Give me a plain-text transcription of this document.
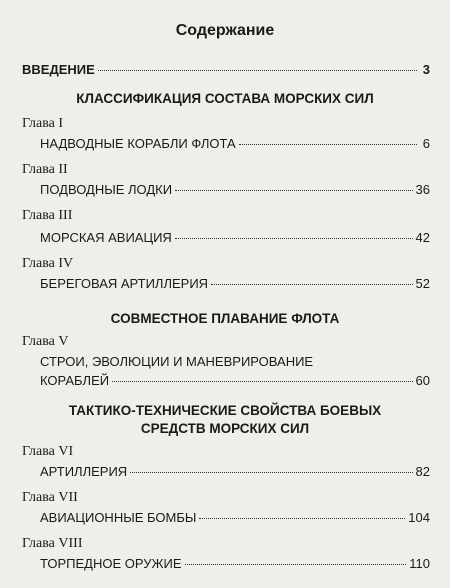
Содержание
ВВЕДЕНИЕ	3
КЛАССИФИКАЦИЯ СОСТАВА МОРСКИХ СИЛ
Глава I
НАДВОДНЫЕ КОРАБЛИ ФЛОТА	6
Глава II
ПОДВОДНЫЕ ЛОДКИ	36
Глава III
МОРСКАЯ АВИАЦИЯ	42
Глава IV
БЕРЕГОВАЯ АРТИЛЛЕРИЯ	52
СОВМЕСТНОЕ ПЛАВАНИЕ ФЛОТА
Глава V
СТРОИ, ЭВОЛЮЦИИ И МАНЕВРИРОВАНИЕ
КОРАБЛЕЙ	60
ТАКТИКО-ТЕХНИЧЕСКИЕ СВОЙСТВА БОЕВЫХ
СРЕДСТВ МОРСКИХ СИЛ
Глава VI
АРТИЛЛЕРИЯ	82
Глава VII
АВИАЦИОННЫЕ БОМБЫ	104
Глава VIII
ТОРПЕДНОЕ ОРУЖИЕ	110
